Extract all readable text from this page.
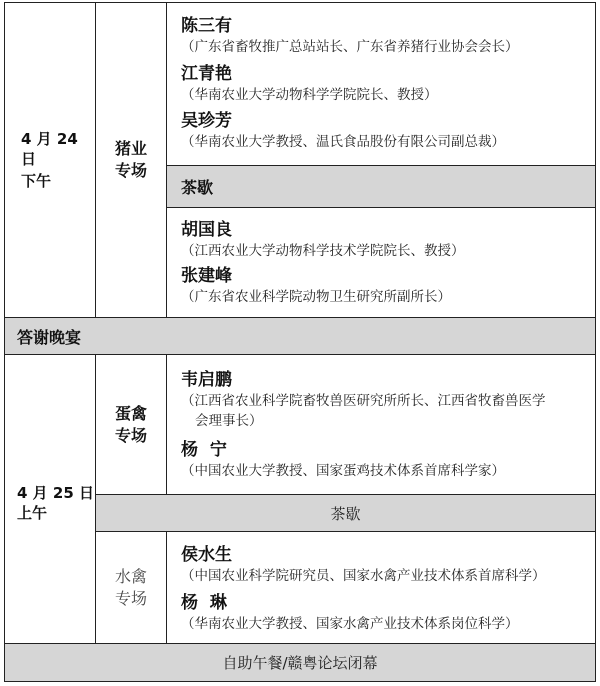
4 月 24
日
下午
猪业
专场
陈三有
（广东省畜牧推广总站站长、广东省养猪行业协会会长）
江青艳
（华南农业大学动物科学学院院长、教授）
吴珍芳
（华南农业大学教授、温氏食品股份有限公司副总裁）
茶歇
胡国良
（江西农业大学动物科学技术学院院长、教授）
张建峰
（广东省农业科学院动物卫生研究所副所长）
答谢晚宴
4 月 25 日
上午
蛋禽
专场
韦启鹏
（江西省农业科学院畜牧兽医研究所所长、江西省牧畜兽医学
会理事长）
杨  宁
（中国农业大学教授、国家蛋鸡技术体系首席科学家）
茶歇
水禽
专场
侯水生
（中国农业科学院研究员、国家水禽产业技术体系首席科学）
杨  琳
（华南农业大学教授、国家水禽产业技术体系岗位科学）
自助午餐/赣粤论坛闭幕
